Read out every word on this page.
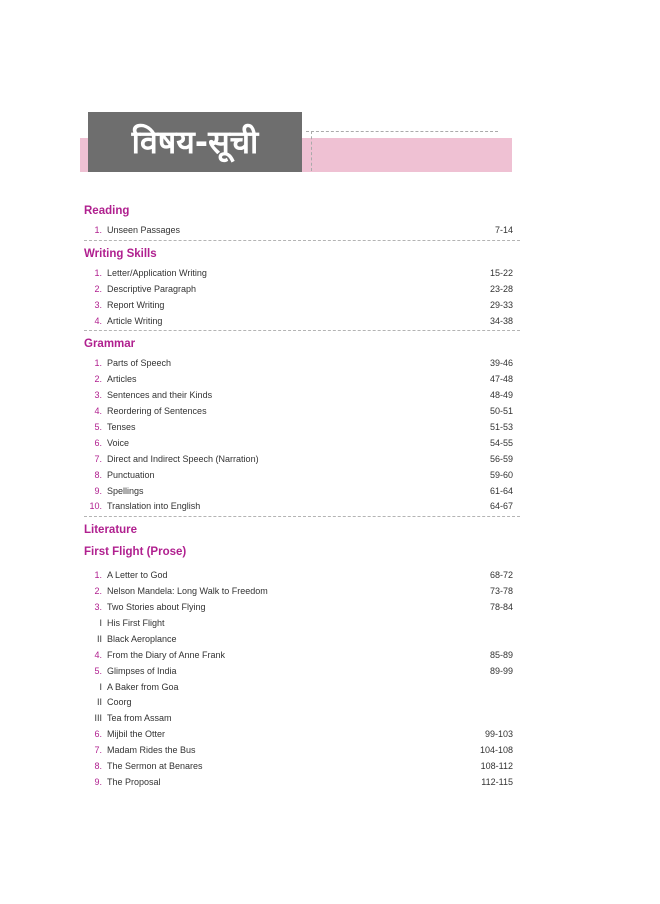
विषय-सूची
Reading
1. Unseen Passages	7-14
Writing Skills
1. Letter/Application Writing	15-22
2. Descriptive Paragraph	23-28
3. Report Writing	29-33
4. Article Writing	34-38
Grammar
1. Parts of Speech	39-46
2. Articles	47-48
3. Sentences and their Kinds	48-49
4. Reordering of Sentences	50-51
5. Tenses	51-53
6. Voice	54-55
7. Direct and Indirect Speech (Narration)	56-59
8. Punctuation	59-60
9. Spellings	61-64
10. Translation into English	64-67
Literature
First Flight (Prose)
1. A Letter to God	68-72
2. Nelson Mandela: Long Walk to Freedom	73-78
3. Two Stories about Flying	78-84
I His First Flight
II Black Aeroplance
4. From the Diary of Anne Frank	85-89
5. Glimpses of India	89-99
I A Baker from Goa
II Coorg
III Tea from Assam
6. Mijbil the Otter	99-103
7. Madam Rides the Bus	104-108
8. The Sermon at Benares	108-112
9. The Proposal	112-115
